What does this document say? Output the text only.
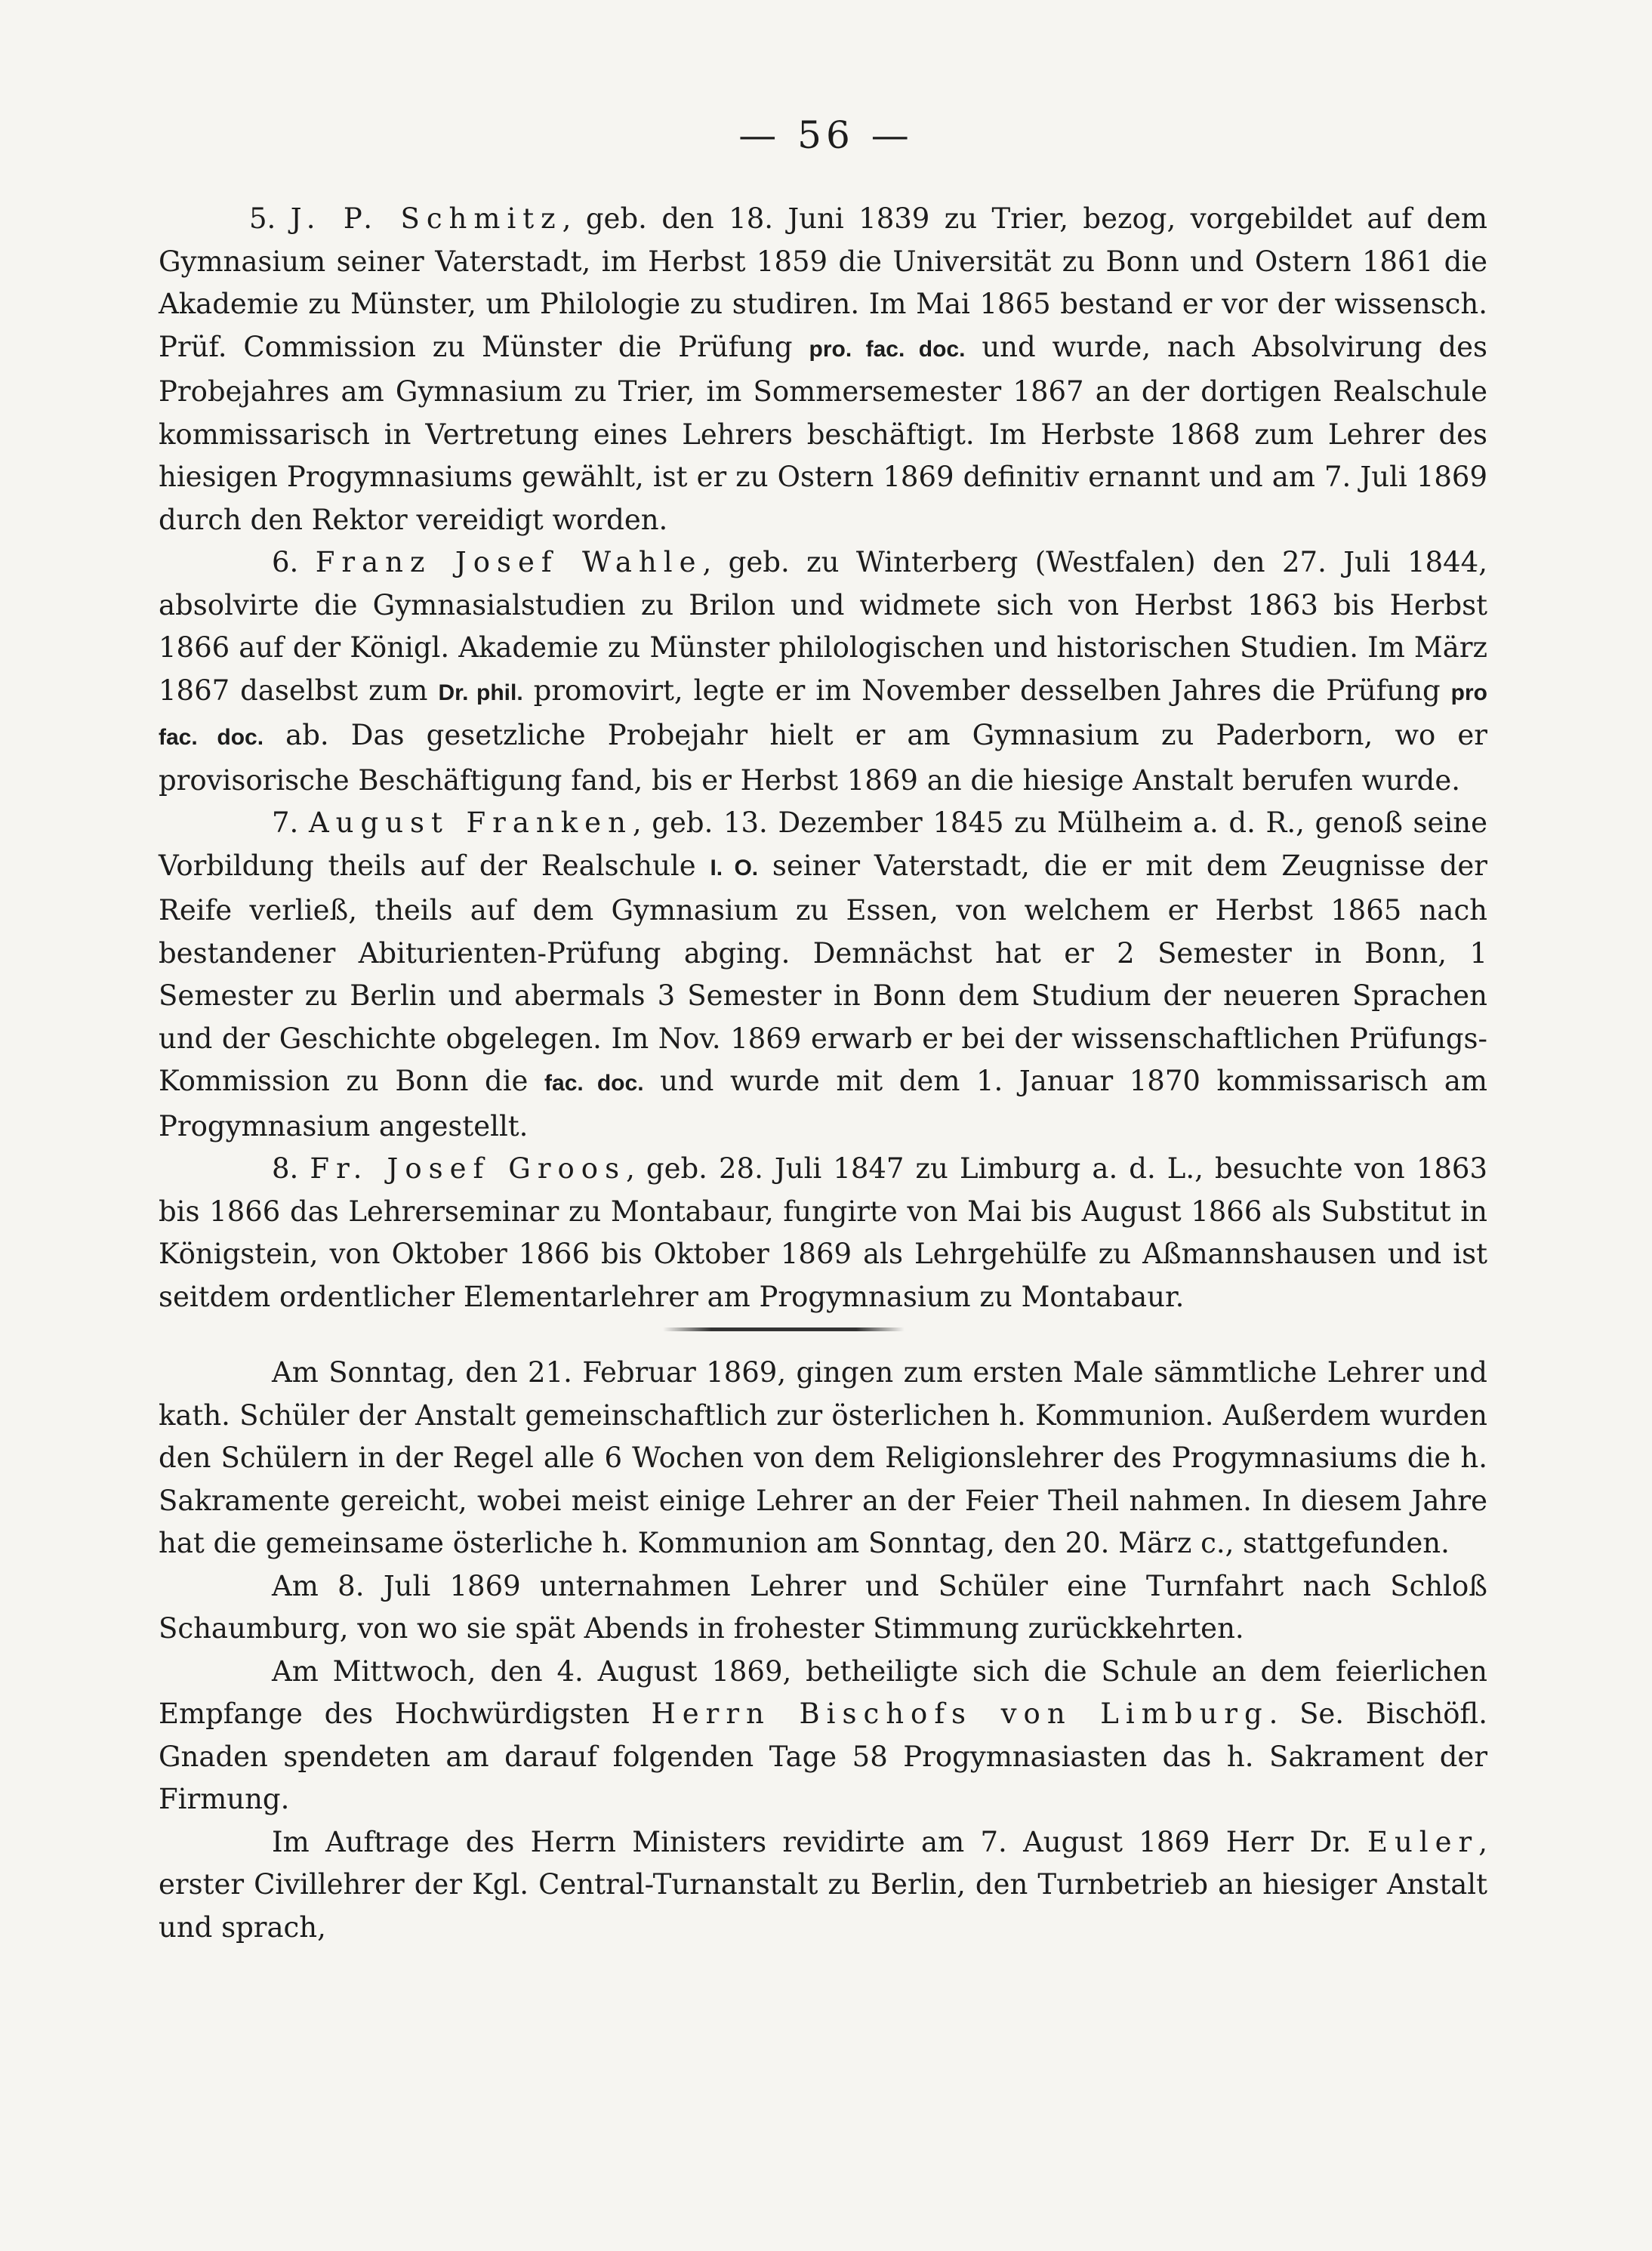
— 56 —

5. J. P. Schmitz, geb. den 18. Juni 1839 zu Trier, bezog, vorgebildet auf dem Gymnasium seiner Vaterstadt, im Herbst 1859 die Universität zu Bonn und Ostern 1861 die Akademie zu Münster, um Philologie zu studiren. Im Mai 1865 bestand er vor der wissensch. Prüf. Commission zu Münster die Prüfung pro. fac. doc. und wurde, nach Absolvirung des Probejahres am Gymnasium zu Trier, im Sommersemester 1867 an der dortigen Realschule kommissarisch in Vertretung eines Lehrers beschäftigt. Im Herbste 1868 zum Lehrer des hiesigen Progymnasiums gewählt, ist er zu Ostern 1869 definitiv ernannt und am 7. Juli 1869 durch den Rektor vereidigt worden.

6. Franz Josef Wahle, geb. zu Winterberg (Westfalen) den 27. Juli 1844, absolvirte die Gymnasialstudien zu Brilon und widmete sich von Herbst 1863 bis Herbst 1866 auf der Königl. Akademie zu Münster philologischen und historischen Studien. Im März 1867 daselbst zum Dr. phil. promovirt, legte er im November desselben Jahres die Prüfung pro fac. doc. ab. Das gesetzliche Probejahr hielt er am Gymnasium zu Paderborn, wo er provisorische Beschäftigung fand, bis er Herbst 1869 an die hiesige Anstalt berufen wurde.

7. August Franken, geb. 13. Dezember 1845 zu Mülheim a. d. R., genoß seine Vorbildung theils auf der Realschule I. O. seiner Vaterstadt, die er mit dem Zeugnisse der Reife verließ, theils auf dem Gymnasium zu Essen, von welchem er Herbst 1865 nach bestandener Abiturienten-Prüfung abging. Demnächst hat er 2 Semester in Bonn, 1 Semester zu Berlin und abermals 3 Semester in Bonn dem Studium der neueren Sprachen und der Geschichte obgelegen. Im Nov. 1869 erwarb er bei der wissenschaftlichen Prüfungs-Kommission zu Bonn die fac. doc. und wurde mit dem 1. Januar 1870 kommissarisch am Progymnasium angestellt.

8. Fr. Josef Groos, geb. 28. Juli 1847 zu Limburg a. d. L., besuchte von 1863 bis 1866 das Lehrerseminar zu Montabaur, fungirte von Mai bis August 1866 als Substitut in Königstein, von Oktober 1866 bis Oktober 1869 als Lehrgehülfe zu Aßmannshausen und ist seitdem ordentlicher Elementarlehrer am Progymnasium zu Montabaur.

Am Sonntag, den 21. Februar 1869, gingen zum ersten Male sämmtliche Lehrer und kath. Schüler der Anstalt gemeinschaftlich zur österlichen h. Kommunion. Außerdem wurden den Schülern in der Regel alle 6 Wochen von dem Religionslehrer des Progymnasiums die h. Sakramente gereicht, wobei meist einige Lehrer an der Feier Theil nahmen. In diesem Jahre hat die gemeinsame österliche h. Kommunion am Sonntag, den 20. März c., stattgefunden.

Am 8. Juli 1869 unternahmen Lehrer und Schüler eine Turnfahrt nach Schloß Schaumburg, von wo sie spät Abends in frohester Stimmung zurückkehrten.

Am Mittwoch, den 4. August 1869, betheiligte sich die Schule an dem feierlichen Empfange des Hochwürdigsten Herrn Bischofs von Limburg. Se. Bischöfl. Gnaden spendeten am darauf folgenden Tage 58 Progymnasiasten das h. Sakrament der Firmung.

Im Auftrage des Herrn Ministers revidirte am 7. August 1869 Herr Dr. Euler, erster Civillehrer der Kgl. Central-Turnanstalt zu Berlin, den Turnbetrieb an hiesiger Anstalt und sprach,
